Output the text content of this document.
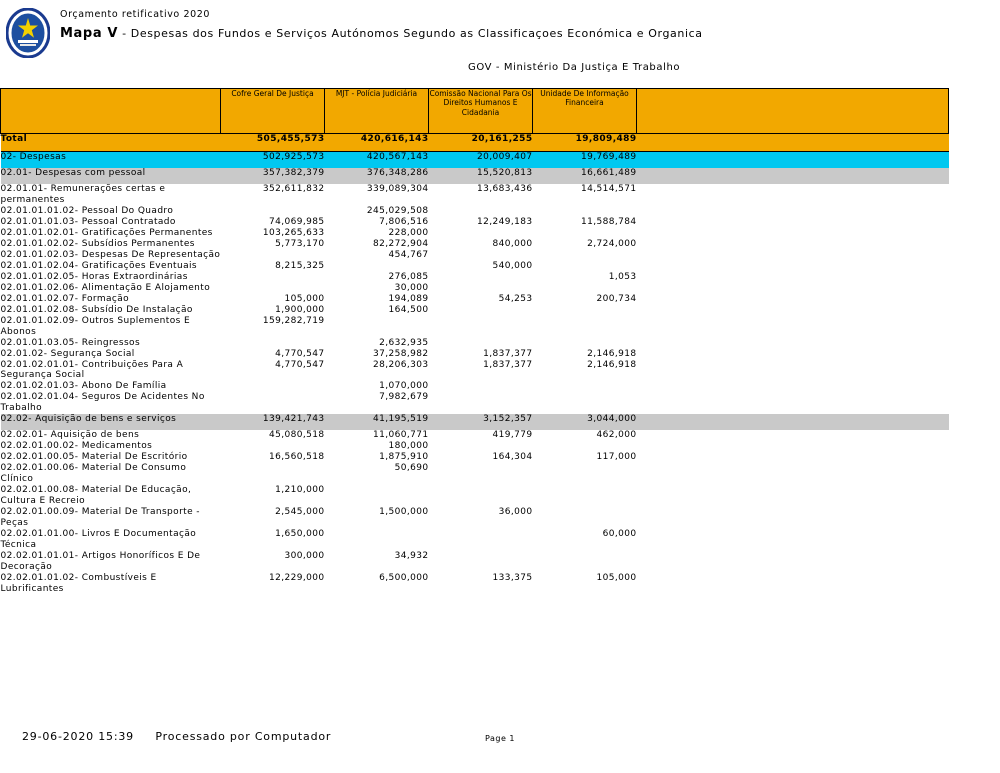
Orçamento retificativo 2020
Mapa V - Despesas dos Fundos e Serviços Autónomos Segundo as Classificaçoes Económica e Organica
GOV - Ministério Da Justiça E Trabalho
	Cofre Geral De Justiça	MJT - Polícia Judiciária	Comissão Nacional Para Os Direitos Humanos E Cidadania	Unidade De Informação Financeira	
Total	505,455,573	420,616,143	20,161,255	19,809,489	
02- Despesas	502,925,573	420,567,143	20,009,407	19,769,489	
02.01- Despesas com pessoal	357,382,379	376,348,286	15,520,813	16,661,489	
02.01.01- Remunerações certas e permanentes	352,611,832	339,089,304	13,683,436	14,514,571	
02.01.01.01.02- Pessoal Do Quadro		245,029,508			
02.01.01.01.03- Pessoal Contratado	74,069,985	7,806,516	12,249,183	11,588,784	
02.01.01.02.01- Gratificações Permanentes	103,265,633	228,000			
02.01.01.02.02- Subsídios Permanentes	5,773,170	82,272,904	840,000	2,724,000	
02.01.01.02.03- Despesas De Representação		454,767			
02.01.01.02.04- Gratificações Eventuais	8,215,325		540,000		
02.01.01.02.05- Horas Extraordinárias		276,085		1,053	
02.01.01.02.06- Alimentação E Alojamento		30,000			
02.01.01.02.07- Formação	105,000	194,089	54,253	200,734	
02.01.01.02.08- Subsídio De Instalação	1,900,000	164,500			
02.01.01.02.09- Outros Suplementos E Abonos	159,282,719				
02.01.01.03.05- Reingressos		2,632,935			
02.01.02- Segurança Social	4,770,547	37,258,982	1,837,377	2,146,918	
02.01.02.01.01- Contribuições Para A Segurança Social	4,770,547	28,206,303	1,837,377	2,146,918	
02.01.02.01.03- Abono De Família		1,070,000			
02.01.02.01.04- Seguros De Acidentes No Trabalho		7,982,679			
02.02- Aquisição de bens e serviços	139,421,743	41,195,519	3,152,357	3,044,000	
02.02.01- Aquisição de bens	45,080,518	11,060,771	419,779	462,000	
02.02.01.00.02- Medicamentos		180,000			
02.02.01.00.05- Material De Escritório	16,560,518	1,875,910	164,304	117,000	
02.02.01.00.06- Material De Consumo Clínico		50,690			
02.02.01.00.08- Material De Educação, Cultura E Recreio	1,210,000				
02.02.01.00.09- Material De Transporte - Peças	2,545,000	1,500,000	36,000		
02.02.01.01.00- Livros E Documentação Técnica	1,650,000			60,000	
02.02.01.01.01- Artigos Honoríficos E De Decoração	300,000	34,932			
02.02.01.01.02- Combustíveis E Lubrificantes	12,229,000	6,500,000	133,375	105,000	
29-06-2020 15:39 Processado por Computador	Page 1
